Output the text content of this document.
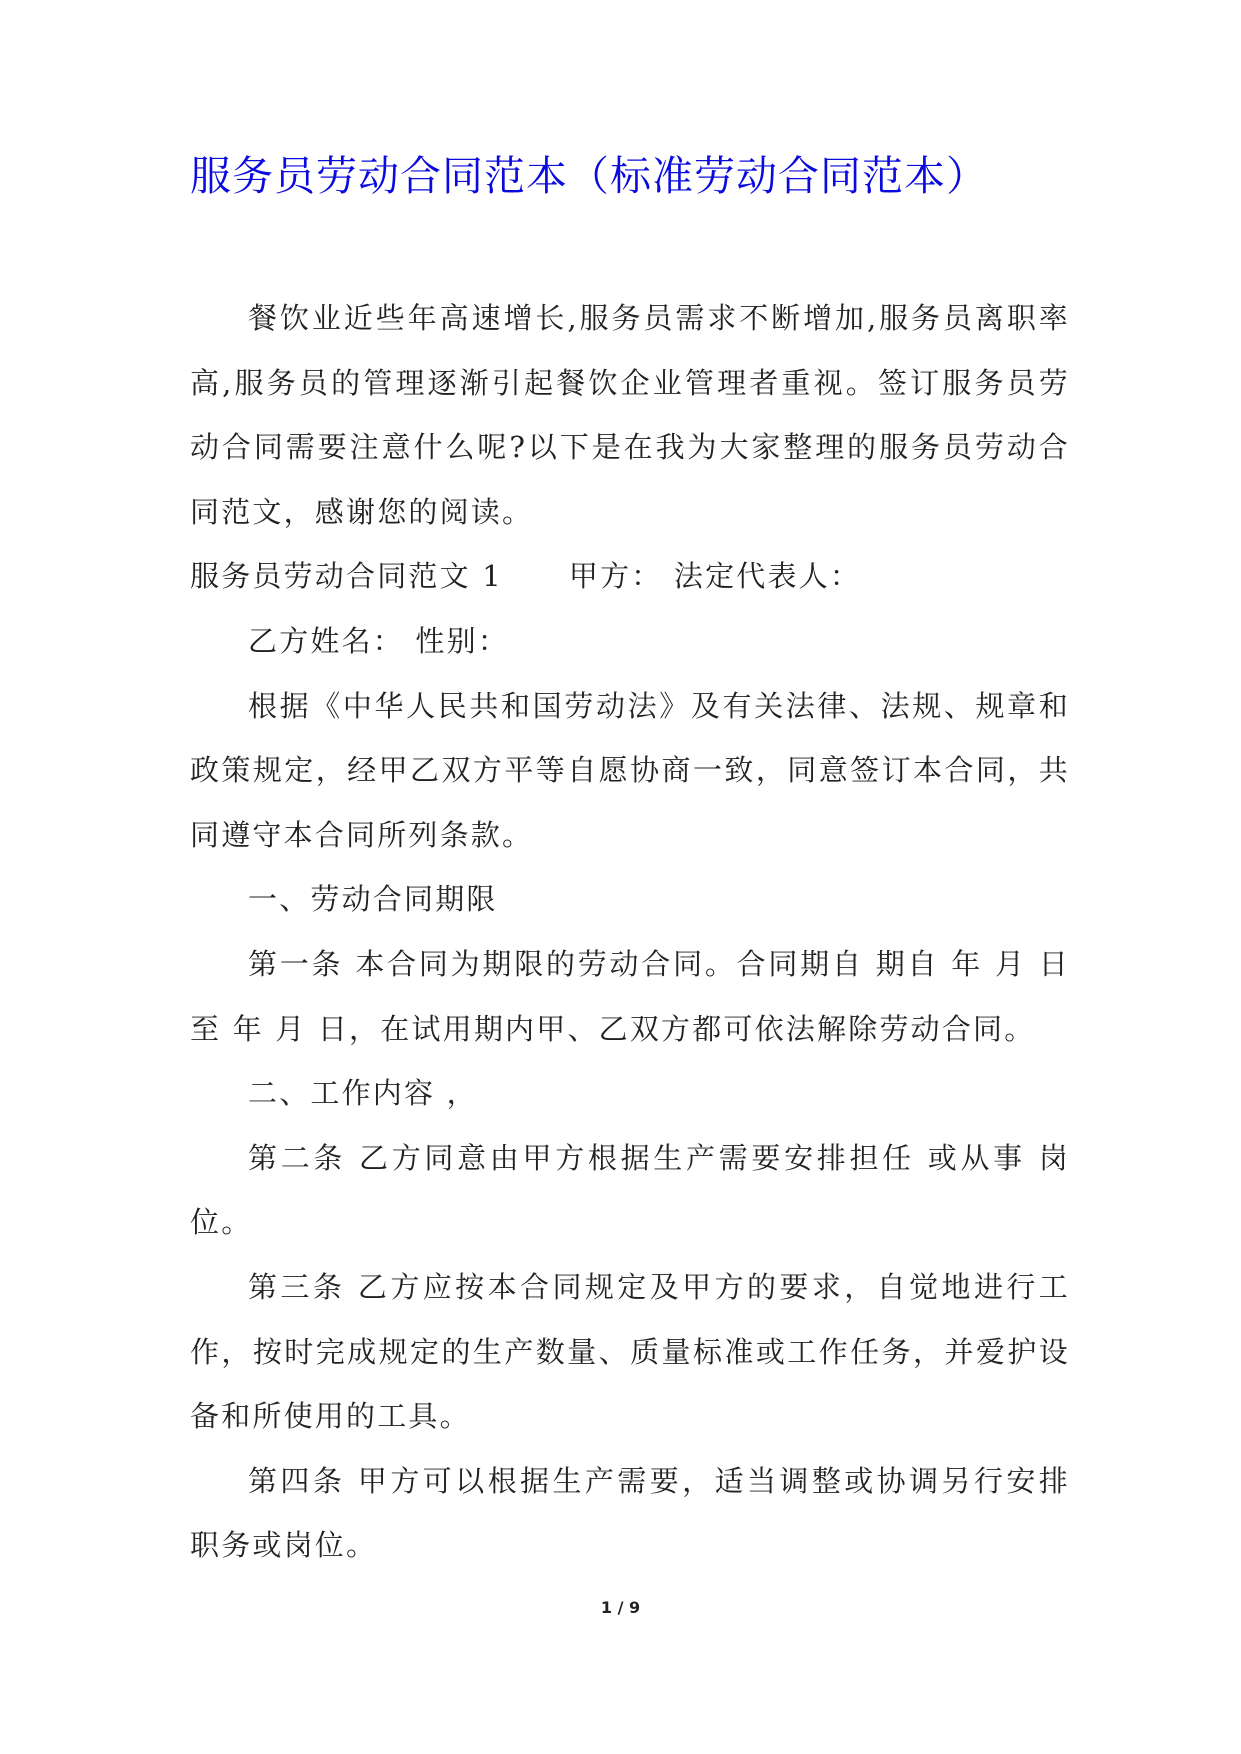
服务员劳动合同范本（标准劳动合同范本）

餐饮业近些年高速增长,服务员需求不断增加,服务员离职率高,服务员的管理逐渐引起餐饮企业管理者重视。签订服务员劳动合同需要注意什么呢?以下是在我为大家整理的服务员劳动合同范文，感谢您的阅读。

服务员劳动合同范文 1 甲方： 法定代表人：

乙方姓名： 性别：

根据《中华人民共和国劳动法》及有关法律、法规、规章和政策规定，经甲乙双方平等自愿协商一致，同意签订本合同，共同遵守本合同所列条款。

一、劳动合同期限

第一条 本合同为期限的劳动合同。合同期自 期自 年 月 日至 年 月 日，在试用期内甲、乙双方都可依法解除劳动合同。

二、工作内容 ，

第二条 乙方同意由甲方根据生产需要安排担任 或从事 岗位。

第三条 乙方应按本合同规定及甲方的要求，自觉地进行工作，按时完成规定的生产数量、质量标准或工作任务，并爱护设备和所使用的工具。

第四条 甲方可以根据生产需要，适当调整或协调另行安排职务或岗位。

1 / 9
